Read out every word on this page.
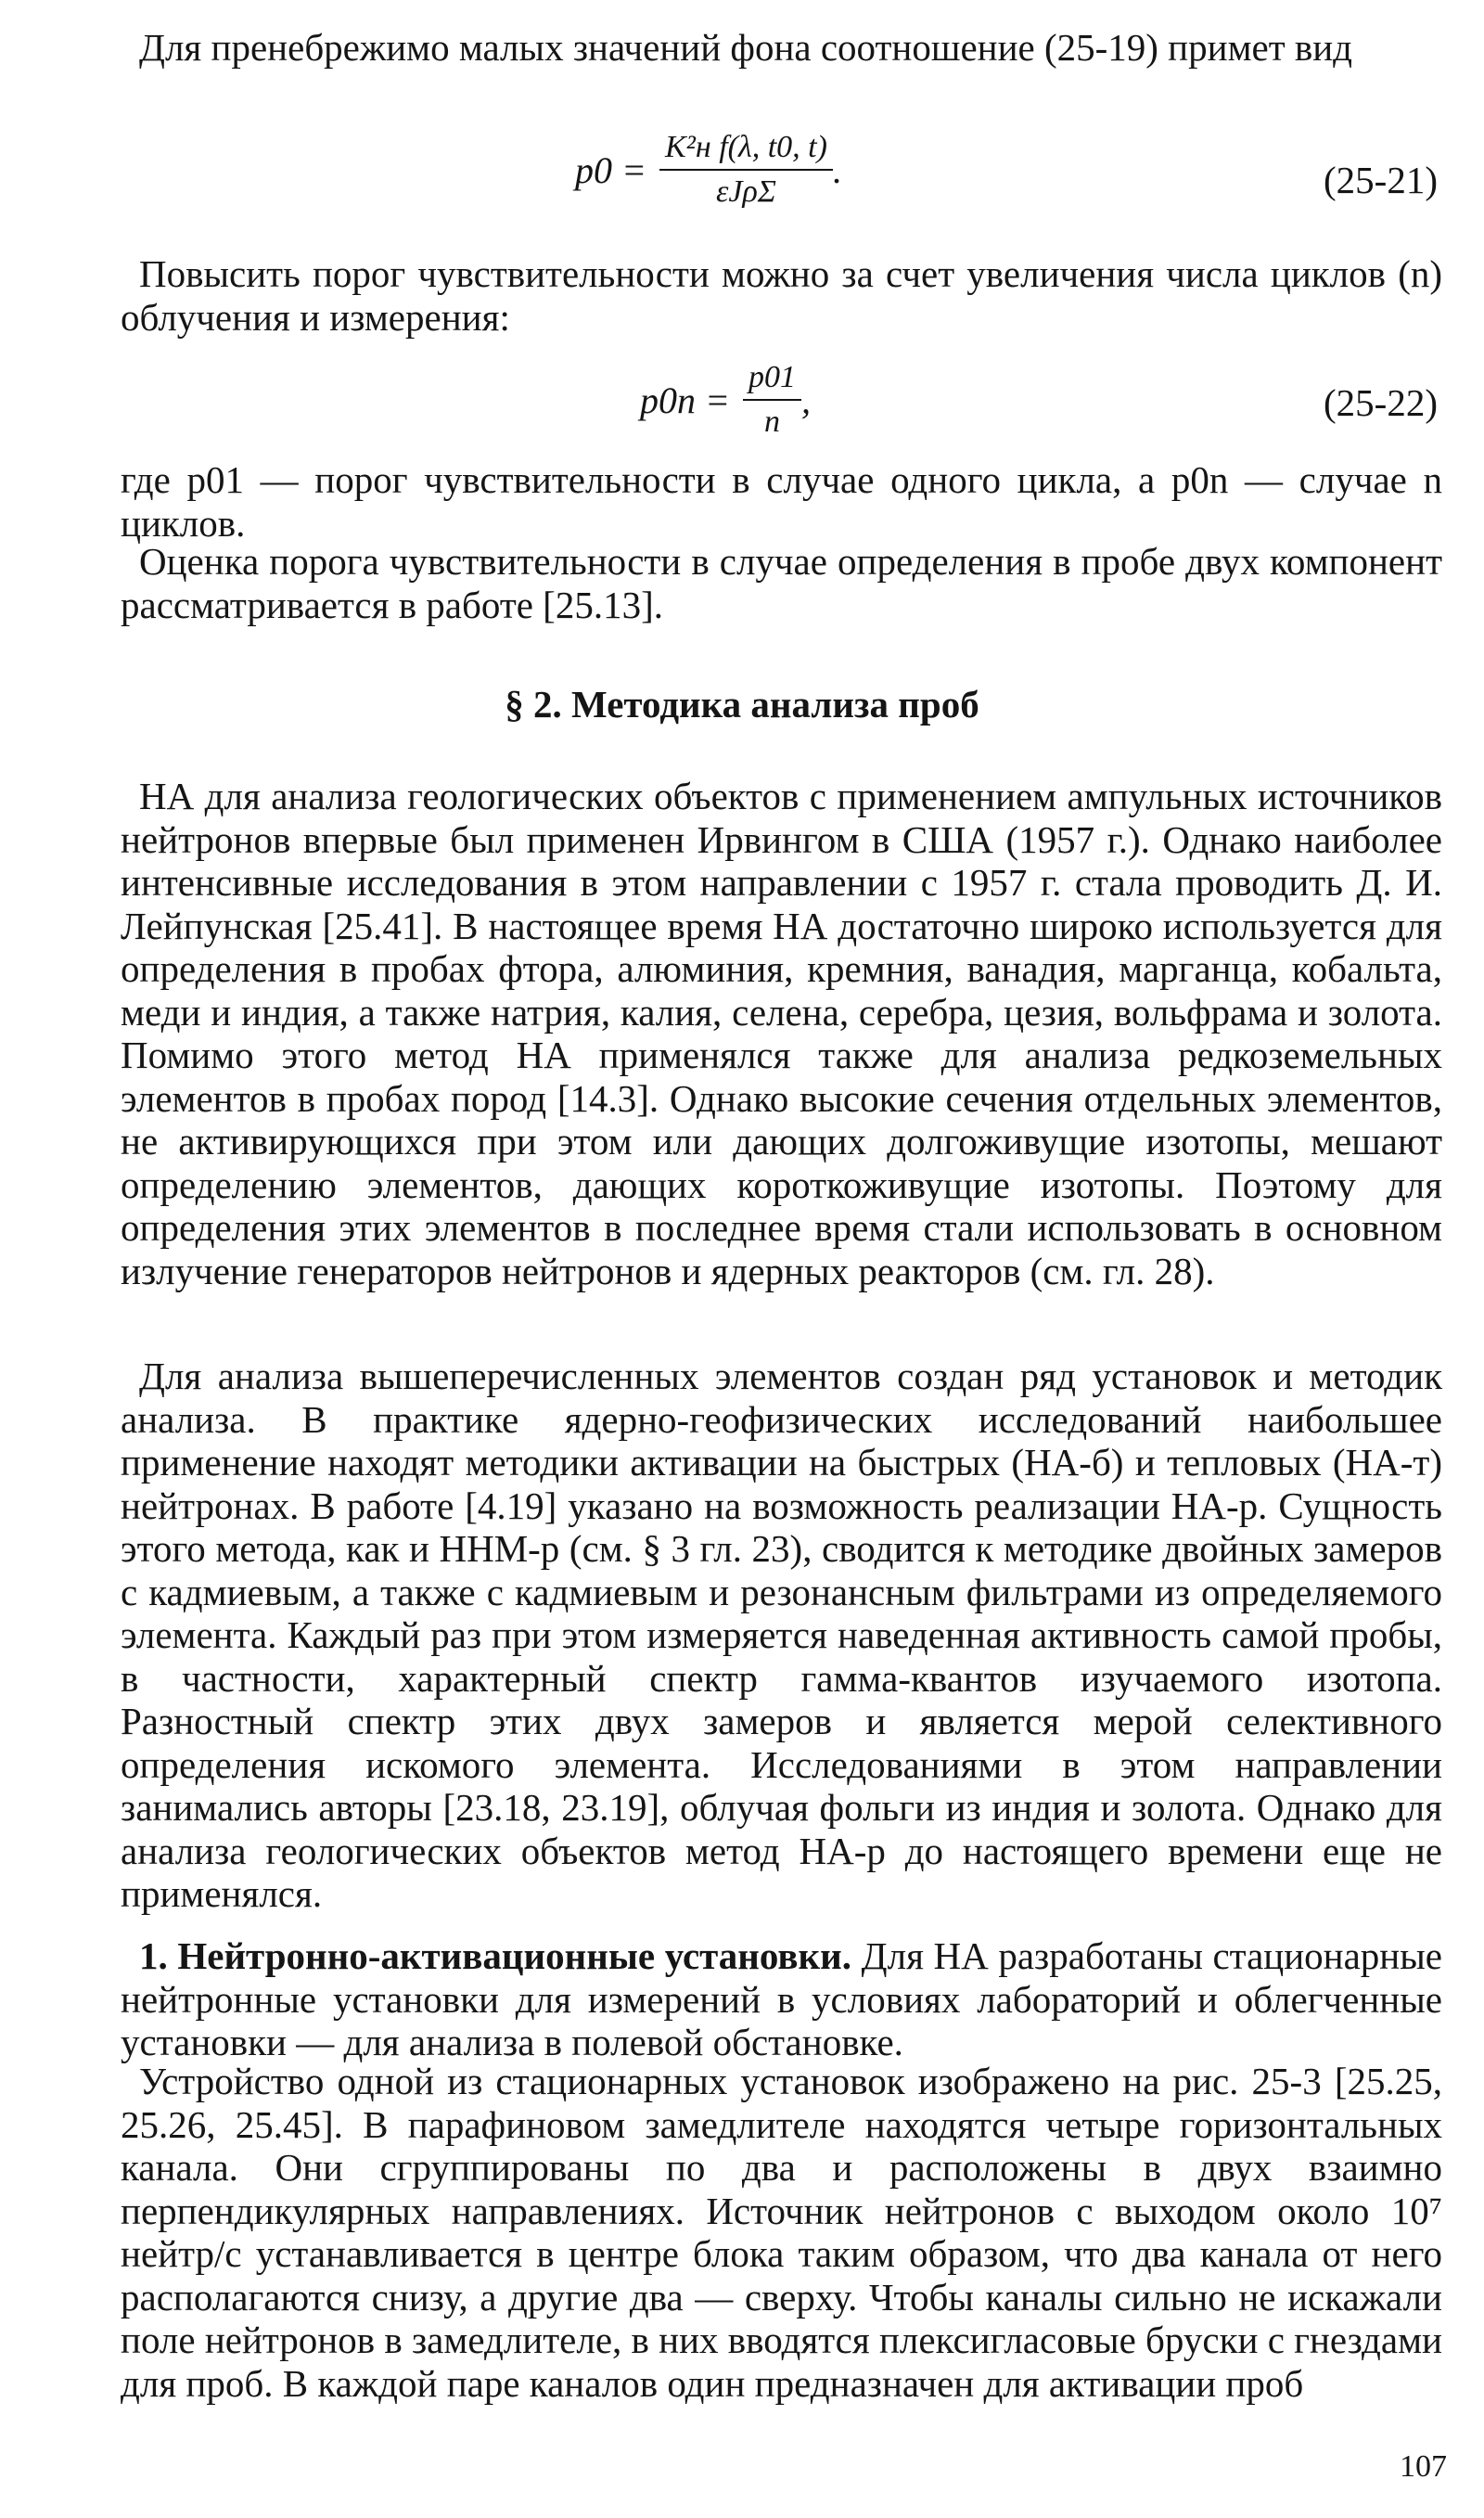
Для пренебрежимо малых значений фона соотношение (25-19) примет вид

$p0 = \frac{\text{K²н f(λ, t0, t)}}{\text{εJρΣ}}$ .	(25-21)

Повысить порог чувствительности можно за счет увеличения числа циклов (n) облучения и измерения:

$p0n = \frac{p01}{n}$ ,	(25-22)

где p01 — порог чувствительности в случае одного цикла, а p0n — случае n циклов.

Оценка порога чувствительности в случае определения в пробе двух компонент рассматривается в работе [25.13].

§ 2. Методика анализа проб

НА для анализа геологических объектов с применением ампульных источников нейтронов впервые был применен Ирвингом в США (1957 г.). Однако наиболее интенсивные исследования в этом направлении с 1957 г. стала проводить Д. И. Лейпунская [25.41]. В настоящее время НА достаточно широко используется для определения в пробах фтора, алюминия, кремния, ванадия, марганца, кобальта, меди и индия, а также натрия, калия, селена, серебра, цезия, вольфрама и золота. Помимо этого метод НА применялся также для анализа редкоземельных элементов в пробах пород [14.3]. Однако высокие сечения отдельных элементов, не активирующихся при этом или дающих долгоживущие изотопы, мешают определению элементов, дающих короткоживущие изотопы. Поэтому для определения этих элементов в последнее время стали использовать в основном излучение генераторов нейтронов и ядерных реакторов (см. гл. 28).

Для анализа вышеперечисленных элементов создан ряд установок и методик анализа. В практике ядерно-геофизических исследований наибольшее применение находят методики активации на быстрых (НА-б) и тепловых (НА-т) нейтронах. В работе [4.19] указано на возможность реализации НА-р. Сущность этого метода, как и ННМ-р (см. § 3 гл. 23), сводится к методике двойных замеров с кадмиевым, а также с кадмиевым и резонансным фильтрами из определяемого элемента. Каждый раз при этом измеряется наведенная активность самой пробы, в частности, характерный спектр гамма-квантов изучаемого изотопа. Разностный спектр этих двух замеров и является мерой селективного определения искомого элемента. Исследованиями в этом направлении занимались авторы [23.18, 23.19], облучая фольги из индия и золота. Однако для анализа геологических объектов метод НА-р до настоящего времени еще не применялся.

1. Нейтронно-активационные установки. Для НА разработаны стационарные нейтронные установки для измерений в условиях лабораторий и облегченные установки — для анализа в полевой обстановке.

Устройство одной из стационарных установок изображено на рис. 25-3 [25.25, 25.26, 25.45]. В парафиновом замедлителе находятся четыре горизонтальных канала. Они сгруппированы по два и расположены в двух взаимно перпендикулярных направлениях. Источник нейтронов с выходом около 10⁷ нейтр/с устанавливается в центре блока таким образом, что два канала от него располагаются снизу, а другие два — сверху. Чтобы каналы сильно не искажали поле нейтронов в замедлителе, в них вводятся плексигласовые бруски с гнездами для проб. В каждой паре каналов один предназначен для активации проб

107
